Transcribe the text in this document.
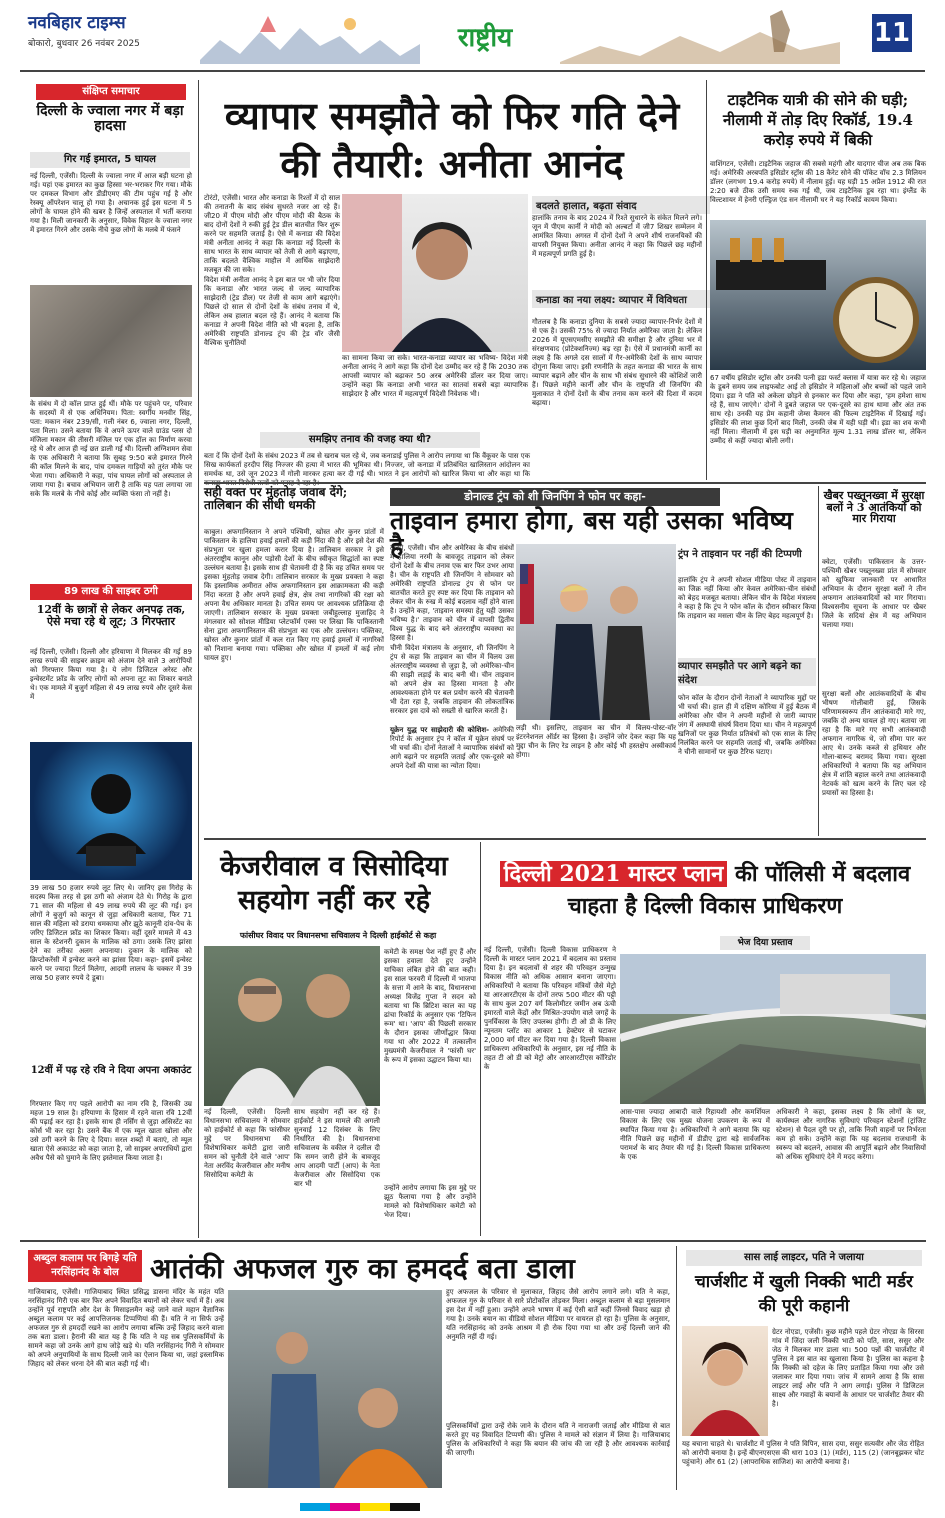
नवबिहार टाइम्स
बोकारो, बुधवार 26 नवंबर 2025	राष्ट्रीय	11
संक्षिप्त समाचार
दिल्ली के ज्वाला नगर में बड़ा हादसा
गिर गई इमारत, 5 घायल
नई दिल्ली, एजेंसी। दिल्ली के ज्वाला नगर में आज बड़ी घटना हो गई। यहां एक इमारत का कुछ हिस्सा भर-भराकर गिर गया। मौके पर दमकल विभाग और डीडीएमए की टीम पहुंच गई है और रेस्क्यू ऑपरेशन चालू हो गया है। अचानक हुई इस घटना में 5 लोगों के घायल होने की खबर है जिन्हें अस्पताल में भर्ती कराया गया है। मिली जानकारी के अनुसार, विवेक विहार के ज्वाला नगर में इमारत गिरने और उसके नीचे कुछ लोगों के मलबे में फंसने
के संबंध में दो कॉल प्राप्त हुई थीं। मौके पर पहुंचने पर, परिवार के सदस्यों में से एक अधिनियम। पिता: स्वर्गीय मनवीर सिंह, पता: मकान नंबर 239/सी, गली नंबर 6, ज्वाला नगर, दिल्ली, पता मिला। उसने बताया कि वे अपने ऊपर वाले ग्राउंड प्लस दो मंजिला मकान की तीसरी मंजिल पर एक हॉल का निर्माण करवा रहे थे और आज ही नई छत डाली गई थी। दिल्ली अग्निशमन सेवा के एक अधिकारी ने बताया कि सुबह 9:50 बजे इमारत गिरने की कॉल मिलने के बाद, पांच दमकल गाड़ियों को तुरंत मौके पर भेजा गया। अधिकारी ने कहा, पांच घायल लोगों को अस्पताल ले जाया गया है। बचाव अभियान जारी है ताकि यह पता लगाया जा सके कि मलबे के नीचे कोई और व्यक्ति फंसा तो नहीं है।
89 लाख की साइबर ठगी
12वीं के छात्रों से लेकर अनपढ़ तक, ऐसे मचा रहे थे लूट; 3 गिरफ्तार
नई दिल्ली, एजेंसी। दिल्ली और हरियाणा में मिलकर की गई 89 लाख रुपये की साइबर क्राइम को अंजाम देने वाले 3 आरोपियों को गिरफ्तार किया गया है। ये लोग डिजिटल अरेस्ट और इन्वेस्टमेंट फ्रॉड के जरिए लोगों को अपना लूट का शिकार बनाते थे। एक मामले में बुजुर्ग महिला से 49 लाख रुपये और दूसरे केस में
39 लाख 50 हजार रुपये लूट लिए थे। जानिए इस गिरोह के सदस्य किस तरह से इस ठगी को अंजाम देते थे। गिरोह के द्वारा 71 साल की महिला से 49 लाख रुपये की लूट की गई। इन लोगों ने बुजुर्ग को कानून से जुड़ा अधिकारी बताया, फिर 71 साल की महिला को डराया धमकाया और झूठे कानूनी दांव-पेच के जरिए डिजिटल फ्रॉड का शिकार किया। वहीं दूसरे मामले में 43 साल के स्टेशनरी दुकान के मालिक को ठगा। उसके लिए झांसा देने का तरीका अलग अपनाया। दुकान के मालिक को क्रिप्टोकरेंसी में इन्वेस्ट करने का झांसा दिया। कहा- इसमें इन्वेस्ट करने पर ज्यादा रिटर्न मिलेगा, आदमी लालच के चक्कर में 39 लाख 50 हजार रुपये दे डूबा।
12वीं में पढ़ रहे रवि ने दिया अपना अकाउंट
गिरफ्तार किए गए पहले आरोपी का नाम रवि है, जिसकी उम्र महज 19 साल है। हरियाणा के हिसार में रहने वाला रवि 12वीं की पढ़ाई कर रहा है। इसके साथ ही नर्सिंग से जुड़ा असिस्टेंट का कोर्स भी कर रहा है। उसने बैंक में एक म्यूल खाता खोला और उसे ठगी करने के लिए दे दिया। सरल शब्दों में बताएं, तो म्यूल खाता ऐसे अकाउंट को कहा जाता है, जो साइबर अपराधियों द्वारा अवैध पैसे को घुमाने के लिए इस्तेमाल किया जाता है।
व्यापार समझौते को फिर गति देने की तैयारी: अनीता आनंद
टोरंटो, एजेंसी। भारत और कनाडा के रिश्तों में दो साल की तनातनी के बाद संबंध सुधरते नजर आ रहे हैं। जी20 में पीएम मोदी और पीएम मोदी की बैठक के बाद दोनों देशों ने रुकी हुई ट्रेड डील बातचीत फिर शुरू करने पर सहमति जताई है। ऐसे में कनाडा की विदेश मंत्री अनीता आनंद ने कहा कि कनाडा नई दिल्ली के साथ भारत के साथ व्यापार को तेजी से आगे बढ़ाएगा, ताकि बदलते वैश्विक माहौल में आर्थिक साझेदारी मजबूत की जा सके।
विदेश मंत्री अनीता आनंद ने इस बात पर भी जोर दिया कि कनाडा और भारत जल्द से जल्द व्यापारिक साझेदारी (ट्रेड डील) पर तेजी से काम आगे बढ़ाएंगे। पिछले दो साल से दोनों देशों के संबंध तनाव में थे, लेकिन अब हालात बदल रहे हैं। आनंद ने बताया कि कनाडा ने अपनी विदेश नीति को भी बदला है, ताकि अमेरिकी राष्ट्रपति डोनाल्ड ट्रंप की ट्रेड वॉर जैसी वैश्विक चुनौतियों
का सामना किया जा सके। भारत-कनाडा व्यापार का भविष्य- विदेश मंत्री अनीता आनंद ने आगे कहा कि दोनों देश उम्मीद कर रहे हैं कि 2030 तक आपसी व्यापार को बढ़ाकर 50 अरब अमेरिकी डॉलर कर दिया जाए। उन्होंने कहा कि कनाडा अभी भारत का सातवां सबसे बड़ा व्यापारिक साझेदार है और भारत में महत्वपूर्ण विदेशी निवेशक भी।
बदलते हालात, बढ़ता संवाद
हालांकि तनाव के बाद 2024 में रिश्ते सुधारने के संकेत मिलने लगे। जून में पीएम कार्नी ने मोदी को अल्बर्टा में जी7 शिखर सम्मेलन में आमंत्रित किया। अगस्त में दोनों देशों ने अपने शीर्ष राजनयिकों की वापसी नियुक्त किया। अनीता आनंद ने कहा कि पिछले छह महीनों में महत्वपूर्ण प्रगति हुई है।
कनाडा का नया लक्ष्य: व्यापार में विविधता
गौतलब है कि कनाडा दुनिया के सबसे ज्यादा व्यापार-निर्भर देशों में से एक है। उसकी 75% से ज्यादा निर्यात अमेरिका जाता है। लेकिन 2026 में यूएसएमसीए समझौते की समीक्षा है और दुनिया भर में संरक्षणवाद (प्रोटेक्शनिज्म) बढ़ रहा है। ऐसे में प्रधानमंत्री कार्नी का लक्ष्य है कि अगले दस सालों में गैर-अमेरिकी देशों के साथ व्यापार दोगुना किया जाए। इसी रणनीति के तहत कनाडा की भारत के साथ व्यापार बढ़ाने और चीन के साथ भी संबंध सुधारने की कोशिशें जारी हैं। पिछले महीने कार्नी और चीन के राष्ट्रपति शी जिनपिंग की मुलाकात ने दोनों देशों के बीच तनाव कम करने की दिशा में कदम बढ़ाया।
समझिए तनाव की वजह क्या थी?
बता दें कि दोनों देशों के संबंध 2023 में तब से खराब चल रहे थे, जब कनाडाई पुलिस ने आरोप लगाया था कि वैंकूवर के पास एक सिख कार्यकर्ता हरदीप सिंह निज्जर की हत्या में भारत की भूमिका थी। निज्जर, जो कनाडा में प्रतिबंधित खालिस्तान आंदोलन का समर्थक था, उसे जून 2023 में गोली मारकर हत्या कर दी गई थी। भारत ने इन आरोपों को खारिज किया था और कहा था कि
टाइटैनिक यात्री की सोने की घड़ी; नीलामी में तोड़ दिए रिकॉर्ड, 19.4 करोड़ रुपये में बिकी
वाशिंगटन, एजेंसी। टाइटैनिक जहाज की सबसे महंगी और यादगार चीज अब तक बिक गई। अमेरिकी अरबपति इसिडोर स्ट्रॉस की 18 कैरेट सोने की पॉकेट वॉच 2.3 मिलियन डॉलर (लगभग 19.4 करोड़ रुपये) में नीलाम हुई। यह घड़ी 15 अप्रैल 1912 की रात 2:20 बजे ठीक उसी समय रुक गई थी, जब टाइटैनिक डूब रहा था। इंग्लैंड के विल्टशायर में हेनरी एल्ड्रिज एंड सन नीलामी घर ने यह रिकॉर्ड कायम किया।
67 वर्षीय इसिडोर स्ट्रॉस और उनकी पत्नी इडा फर्स्ट क्लास में यात्रा कर रहे थे। जहाज के डूबने समय जब लाइफबोट आई तो इसिडोर ने महिलाओं और बच्चों को पहले जाने दिया। इडा ने पति को अकेला छोड़ने से इनकार कर दिया और कहा, 'हम हमेशा साथ रहे हैं, साथ जाएंगे।' दोनों ने डूबते जहाज पर एक-दूसरे का हाथ थामा और अंत तक साथ रहे। उनकी यह प्रेम कहानी जेम्स कैमरन की फिल्म टाइटैनिक में दिखाई गई। इसिडोर की लाश कुछ दिनों बाद मिली, उनकी जेब में यही घड़ी थी। इडा का शव कभी नहीं मिला। नीलामी में इस घड़ी का अनुमानित मूल्य 1.31 लाख डॉलर था, लेकिन उम्मीद से कहीं ज्यादा बोली लगी।
सही वक्त पर मुंहतोड़ जवाब देंगे; तालिबान की सीधी धमकी
काबुल। अफगानिस्तान ने अपने पश्चिमी, खोस्त और कुनर प्रांतों में पाकिस्तान के हालिया हवाई हमलों की कड़ी निंदा की है और इसे देश की संप्रभुता पर खुला हमला करार दिया है। तालिबान सरकार ने इसे अंतरराष्ट्रीय कानून और पड़ोसी देशों के बीच स्वीकृत सिद्धांतों का स्पष्ट उल्लंघन बताया है। इसके साथ ही चेतावनी दी है कि वह उचित समय पर इसका मुंहतोड़ जवाब देगी। तालिबान सरकार के मुख्य प्रवक्ता ने कहा कि इस्लामिक अमीरात ऑफ अफगानिस्तान इस आक्रामकता की कड़ी निंदा करता है और अपने हवाई क्षेत्र, क्षेत्र तथा नागरिकों की रक्षा को अपना वैध अधिकार मानता है। उचित समय पर आवश्यक प्रतिक्रिया दी जाएगी। तालिबान सरकार के मुख्य प्रवक्ता जबीहुल्लाह मुजाहिद ने मंगलवार को सोशल मीडिया प्लेटफॉर्म एक्स पर लिखा कि पाकिस्तानी सेना द्वारा अफगानिस्तान की संप्रभुता का एक और उल्लंघन। पक्तिका, खोस्त और कुनार प्रांतों में कल रात किए गए हवाई हमलों में नागरिकों को निशाना बनाया गया। पक्तिका और खोस्त में हमलों में कई लोग घायल हुए।
डोनाल्ड ट्रंप को शी जिनपिंग ने फोन पर कहा-
ताइवान हमारा होगा, बस यही उसका भविष्य है
ताइपे, एजेंसी। चीन और अमेरिका के बीच संबंधों में हालिया नरमी के बावजूद ताइवान को लेकर दोनों देशों के बीच तनाव एक बार फिर उभर आया है। चीन के राष्ट्रपति शी जिनपिंग ने सोमवार को अमेरिकी राष्ट्रपति डोनाल्ड ट्रंप से फोन पर बातचीत करते हुए स्पष्ट कर दिया कि ताइवान को लेकर चीन के रुख में कोई बदलाव नहीं होने वाला है। उन्होंने कहा, 'ताइवान समस्या हेतु यही उसका भविष्य है।' ताइवान को चीन में वापसी द्वितीय विश्व युद्ध के बाद बने अंतरराष्ट्रीय व्यवस्था का हिस्सा है।
चीनी विदेश मंत्रालय के अनुसार, शी जिनपिंग ने ट्रंप से कहा कि ताइवान का चीन में विलय उस अंतरराष्ट्रीय व्यवस्था से जुड़ा है, जो अमेरिका-चीन की साझी लड़ाई के बाद बनी थी। चीन ताइवान को अपने क्षेत्र का हिस्सा मानता है और आवश्यकता होने पर बल प्रयोग करने की चेतावनी भी देता रहा है, जबकि ताइवान की लोकतांत्रिक सरकार इस दावे को सख्ती से खारिज करती है।
लड़ी थी। इसलिए, ताइवान का चीन में विलय-पोस्ट-वॉर इंटरनेशनल ऑर्डर का हिस्सा है। उन्होंने जोर देकर कहा कि यह मुद्दा चीन के लिए रेड लाइन है और कोई भी हस्तक्षेप अस्वीकार्य होगा।
यूक्रेन युद्ध पर साझेदारी की कोशिश- अमेरिकी रिपोर्ट के अनुसार ट्रंप ने कॉल में यूक्रेन संघर्ष पर भी चर्चा की। दोनों नेताओं ने व्यापारिक संबंधों को आगे बढ़ाने पर सहमति जताई और एक-दूसरे को अपने देशों की यात्रा का न्योता दिया।
ट्रंप ने ताइवान पर नहीं की टिप्पणी
हालांकि ट्रंप ने अपनी सोशल मीडिया पोस्ट में ताइवान का जिक्र नहीं किया और केवल अमेरिका-चीन संबंधों को बेहद मजबूत बताया। लेकिन चीन के विदेश मंत्रालय ने कहा है कि ट्रंप ने फोन कॉल के दौरान स्वीकार किया कि ताइवान का मसला चीन के लिए बेहद महत्वपूर्ण है।
व्यापार समझौते पर आगे बढ़ने का संदेश
फोन कॉल के दौरान दोनों नेताओं ने व्यापारिक मुद्दों पर भी चर्चा की। हाल ही में दक्षिण कोरिया में हुई बैठक में अमेरिका और चीन ने अपनी महीनों से जारी व्यापार जंग में अस्थायी संघर्ष विराम दिया था। चीन ने महत्वपूर्ण खनिजों पर कुछ निर्यात प्रतिबंधों को एक साल के लिए निलंबित करने पर सहमति जताई थी, जबकि अमेरिका ने चीनी सामानों पर कुछ टैरिफ घटाए।
खैबर पख्तूनख्वा में सुरक्षा बलों ने 3 आतंकियों को मार गिराया
क्वेटा, एजेंसी। पाकिस्तान के उत्तर-पश्चिमी खैबर पख्तूनख्वा प्रांत में सोमवार को खुफिया जानकारी पर आधारित अभियान के दौरान सुरक्षा बलों ने तीन अफगान आतंकवादियों को मार गिराया। विश्वसनीय सूचना के आधार पर खैबर जिले के सदियां क्षेत्र में यह अभियान चलाया गया।
सुरक्षा बलों और आतंकवादियों के बीच भीषण गोलीबारी हुई, जिसके परिणामस्वरूप तीन आतंकवादी मारे गए, जबकि दो अन्य घायल हो गए। बताया जा रहा है कि मारे गए सभी आतंकवादी अफगान नागरिक थे, जो सीमा पार कर आए थे। उनके कब्जे से हथियार और गोला-बारूद बरामद किया गया। सुरक्षा अधिकारियों ने बताया कि यह अभियान क्षेत्र में शांति बहाल करने तथा आतंकवादी नेटवर्क को खत्म करने के लिए चल रहे प्रयासों का हिस्सा है।
केजरीवाल व सिसोदिया सहयोग नहीं कर रहे
फांसीघर विवाद पर विधानसभा सचिवालय ने दिल्ली हाईकोर्ट से कहा
नई दिल्ली, एजेंसी। दिल्ली विधानसभा सचिवालय ने सोमवार को हाईकोर्ट से कहा कि फांसीघर मुद्दे पर विधानसभा की विशेषाधिकार कमेटी द्वारा जारी समन को चुनौती देने वाले 'आप' नेता अरविंद केजरीवाल और मनीष सिसोदिया कमेटी के
साथ सहयोग नहीं कर रहे हैं। हाईकोर्ट ने इस मामले की अगली सुनवाई 12 दिसंबर के लिए निर्धारित की है। विधानसभा सचिवालय के वकील ने दलील दी कि समन जारी होने के बावजूद आप आदमी पार्टी (आप) के नेता केजरीवाल और सिसोदिया एक बार भी
कमेटी के समक्ष पेश नहीं हुए हैं और इसका हवाला देते हुए उन्होंने याचिका लंबित होने की बात कही। इस साल फरवरी में दिल्ली में भाजपा के सत्ता में आने के बाद, विधानसभा अध्यक्ष विजेंद्र गुप्ता ने सदन को बताया था कि ब्रिटिश काल का यह ढांचा रिकॉर्ड के अनुसार एक 'टिफिन रूम' था। 'आप' की पिछली सरकार के दौरान इसका जीर्णोद्धार किया गया था और 2022 में तत्कालीन मुख्यमंत्री केजरीवाल ने 'फांसी घर' के रूप में इसका उद्घाटन किया था।
उन्होंने आरोप लगाया कि इस मुद्दे पर झूठ फैलाया गया है और उन्होंने मामले को विशेषाधिकार कमेटी को भेज दिया।
दिल्ली 2021 मास्टर प्लान की पॉलिसी में बदलाव चाहता है दिल्ली विकास प्राधिकरण
भेज दिया प्रस्ताव
नई दिल्ली, एजेंसी। दिल्ली विकास प्राधिकरण ने दिल्ली के मास्टर प्लान 2021 में बदलाव का प्रस्ताव दिया है। इन बदलावों से शहर की परिवहन उन्मुख विकास नीति को अधिक आसान बनाना जाएगा। अधिकारियों ने बताया कि परिवहन मंत्रियों जैसे मेट्रो या आरआरटीएस के दोनों तरफ 500 मीटर की पट्टी के साथ कुल 207 वर्ग किलोमीटर जमीन अब ऊंची इमारतों वाले केंद्रों और मिश्रित-उपयोग वाले जगहें के पुनर्विकास के लिए उपलब्ध होगी। टी ओ डी के लिए न्यूनतम प्लॉट का आकार 1 हेक्टेयर से घटाकर 2,000 वर्ग मीटर कर दिया गया है। दिल्ली विकास प्राधिकरण अधिकारियों के अनुसार, इस नई नीति के तहत टी ओ डी को मेट्रो और आरआरटीएस कॉरिडोर के
आस-पास ज्यादा आबादी वाले रिहायशी और कमर्शियल विकास के लिए एक मुख्य योजना उपकरण के रूप में स्थापित किया गया है। अधिकारियों ने आगे बताया कि यह नीति पिछले छह महीनों में डीडीए द्वारा बड़े सार्वजनिक परामर्श के बाद तैयार की गई है। दिल्ली विकास प्राधिकरण के एक
अधिकारी ने कहा, इसका लक्ष्य है कि लोगों के घर, कार्यस्थल और नागरिक सुविधाएं परिवहन स्टेशनों (ट्रांजिट स्टेशन) से पैदल दूरी पर हो, ताकि निजी वाहनों पर निर्भरता कम हो सके। उन्होंने कहा कि यह बदलाव राजधानी के स्वरूप को बदलने, आवास की आपूर्ति बढ़ाने और निवासियों को अधिक सुविधाएं देने में मदद करेगा।
अब्दुल कलाम पर बिगड़े यति नरसिंहानंद के बोल	आतंकी अफजल गुरु का हमदर्द बता डाला
गाजियाबाद, एजेंसी। गाजियाबाद स्थित प्रसिद्ध डासना मंदिर के महंत यति नरसिंहानंद गिरी एक बार फिर अपने विवादित बयानों को लेकर चर्चा में हैं। अब उन्होंने पूर्व राष्ट्रपति और देश के मिसाइलमैन कहे जाने वाले महान वैज्ञानिक अब्दुल कलाम पर कई आपत्तिजनक टिप्पणियां की हैं। यति ने ना सिर्फ उन्हें अफजल गुरु से हमदर्दी रखने का आरोप लगाया बल्कि उन्हें जिहाद करने वाला तक बता डाला। हैरानी की बात यह है कि यति ने यह सब पुलिसकर्मियों के सामने कहा जो उनके आगे हाथ जोड़े खड़े थे। यति नरसिंहानंद गिरी ने सोमवार को अपने अनुयायियों के साथ दिल्ली जाने का ऐलान किया था, जहां इस्लामिक जिहाद को लेकर धरना देने की बात कही गई थी।
हुए अफजल के परिवार से मुलाकात, जिहाद जैसे आरोप लगाने लगे। यति ने कहा, अफजल गुरु के परिवार से सारे प्रोटोकॉल तोड़कर मिला। अब्दुल कलाम से बड़ा मुसलमान इस देश में नहीं हुआ। उन्होंने अपने भाषण में कई ऐसी बातें कहीं जिनसे विवाद खड़ा हो गया है। उनके बयान का वीडियो सोशल मीडिया पर वायरल हो रहा है। पुलिस के अनुसार, यति नरसिंहानंद को उनके आश्रम में ही रोक दिया गया था और उन्हें दिल्ली जाने की अनुमति नहीं दी गई।
पुलिसकर्मियों द्वारा उन्हें रोके जाने के दौरान यति ने नाराजगी जताई और मीडिया से बात करते हुए यह विवादित टिप्पणी की। पुलिस ने मामले को संज्ञान में लिया है। गाजियाबाद पुलिस के अधिकारियों ने कहा कि बयान की जांच की जा रही है और आवश्यक कार्रवाई की जाएगी।
सास लाई लाइटर, पति ने जलाया
चार्जशीट में खुली निक्की भाटी मर्डर की पूरी कहानी
ग्रेटर नोएडा, एजेंसी। कुछ महीने पहले ग्रेटर नोएडा के सिरसा गांव में जिंदा जली निक्की भाटी को पति, सास, ससुर और जेठ ने मिलकर मार डाला था। 500 पन्नों की चार्जशीट में पुलिस ने इस बात का खुलासा किया है। पुलिस का कहना है कि निक्की को दहेज के लिए प्रताड़ित किया गया और उसे जलाकर मार दिया गया। जांच में सामने आया है कि सास लाइटर लाई और पति ने आग लगाई। पुलिस ने डिजिटल साक्ष्य और गवाहों के बयानों के आधार पर चार्जशीट तैयार की है।
यह बचाना चाहते थे। चार्जशीट में पुलिस ने पति विपिन, सास दया, ससुर सत्यवीर और जेठ रोहित को आरोपी बनाया है। इन्हें बीएनएसएस की धारा 103 (1) (मर्डर), 115 (2) (जानबूझकर चोट पहुंचाने) और 61 (2) (आपराधिक साजिश) का आरोपी बनाया है।
